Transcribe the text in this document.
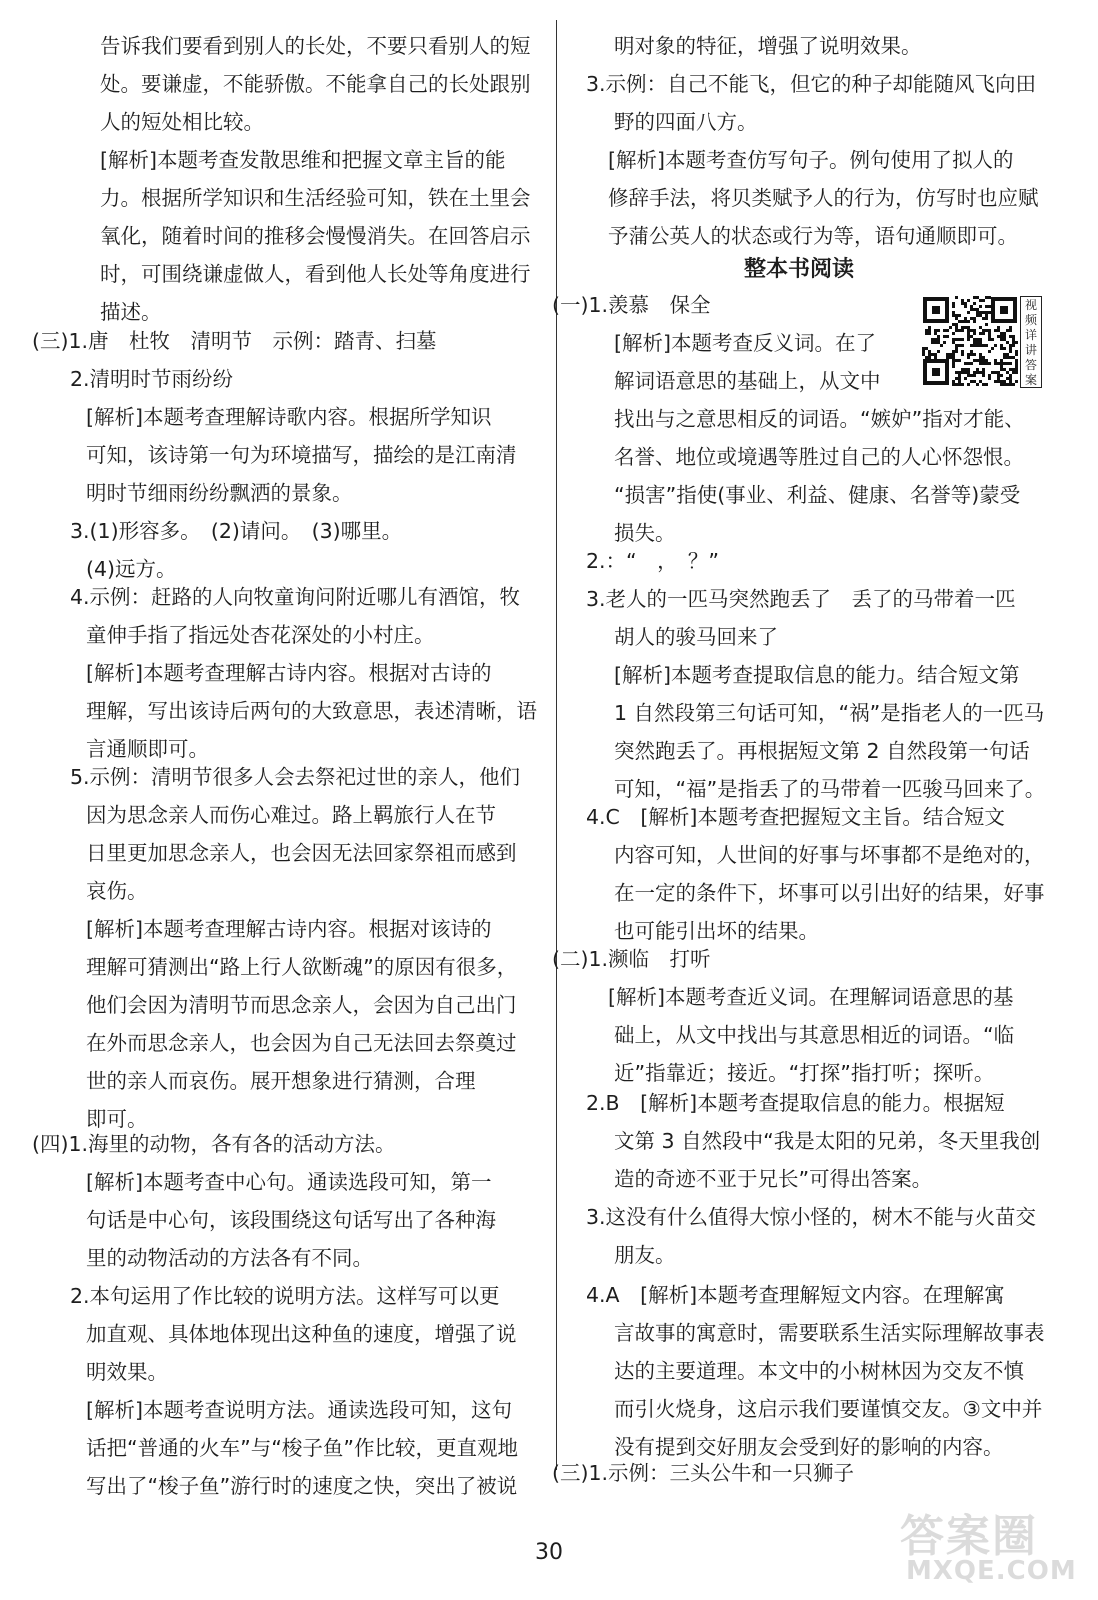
告诉我们要看到别人的长处，不要只看别人的短
处。要谦虚，不能骄傲。不能拿自己的长处跟别
人的短处相比较。
[解析]本题考查发散思维和把握文章主旨的能
力。根据所学知识和生活经验可知，铁在土里会
氧化，随着时间的推移会慢慢消失。在回答启示
时，可围绕谦虚做人，看到他人长处等角度进行
描述。
(三)1.唐　杜牧　清明节　示例：踏青、扫墓
2.清明时节雨纷纷
[解析]本题考查理解诗歌内容。根据所学知识
可知，该诗第一句为环境描写，描绘的是江南清
明时节细雨纷纷飘洒的景象。
3.(1)形容多。　(2)请问。　(3)哪里。
(4)远方。
4.示例：赶路的人向牧童询问附近哪儿有酒馆，牧
童伸手指了指远处杏花深处的小村庄。
[解析]本题考查理解古诗内容。根据对古诗的
理解，写出该诗后两句的大致意思，表述清晰，语
言通顺即可。
5.示例：清明节很多人会去祭祀过世的亲人，他们
因为思念亲人而伤心难过。路上羁旅行人在节
日里更加思念亲人，也会因无法回家祭祖而感到
哀伤。
[解析]本题考查理解古诗内容。根据对该诗的
理解可猜测出“路上行人欲断魂”的原因有很多，
他们会因为清明节而思念亲人，会因为自己出门
在外而思念亲人，也会因为自己无法回去祭奠过
世的亲人而哀伤。展开想象进行猜测，合理
即可。
(四)1.海里的动物，各有各的活动方法。
[解析]本题考查中心句。通读选段可知，第一
句话是中心句，该段围绕这句话写出了各种海
里的动物活动的方法各有不同。
2.本句运用了作比较的说明方法。这样写可以更
加直观、具体地体现出这种鱼的速度，增强了说
明效果。
[解析]本题考查说明方法。通读选段可知，这句
话把“普通的火车”与“梭子鱼”作比较，更直观地
写出了“梭子鱼”游行时的速度之快，突出了被说
明对象的特征，增强了说明效果。
3.示例：自己不能飞，但它的种子却能随风飞向田
野的四面八方。
[解析]本题考查仿写句子。例句使用了拟人的
修辞手法，将贝类赋予人的行为，仿写时也应赋
予蒲公英人的状态或行为等，语句通顺即可。
整本书阅读
(一)1.羡慕　保全
[解析]本题考查反义词。在了
解词语意思的基础上，从文中
找出与之意思相反的词语。“嫉妒”指对才能、
名誉、地位或境遇等胜过自己的人心怀怨恨。
“损害”指使(事业、利益、健康、名誉等)蒙受
损失。
2.：“　，　？”
3.老人的一匹马突然跑丢了　丢了的马带着一匹
胡人的骏马回来了
[解析]本题考查提取信息的能力。结合短文第
1 自然段第三句话可知，“祸”是指老人的一匹马
突然跑丢了。再根据短文第 2 自然段第一句话
可知，“福”是指丢了的马带着一匹骏马回来了。
4.C　[解析]本题考查把握短文主旨。结合短文
内容可知，人世间的好事与坏事都不是绝对的，
在一定的条件下，坏事可以引出好的结果，好事
也可能引出坏的结果。
(二)1.濒临　打听
[解析]本题考查近义词。在理解词语意思的基
础上，从文中找出与其意思相近的词语。“临
近”指靠近；接近。“打探”指打听；探听。
2.B　[解析]本题考查提取信息的能力。根据短
文第 3 自然段中“我是太阳的兄弟，冬天里我创
造的奇迹不亚于兄长”可得出答案。
3.这没有什么值得大惊小怪的，树木不能与火苗交
朋友。
4.A　[解析]本题考查理解短文内容。在理解寓
言故事的寓意时，需要联系生活实际理解故事表
达的主要道理。本文中的小树林因为交友不慎
而引火烧身，这启示我们要谨慎交友。③文中并
没有提到交好朋友会受到好的影响的内容。
(三)1.示例：三头公牛和一只狮子
视频详讲答案
30	答案圈
MXQE.COM
